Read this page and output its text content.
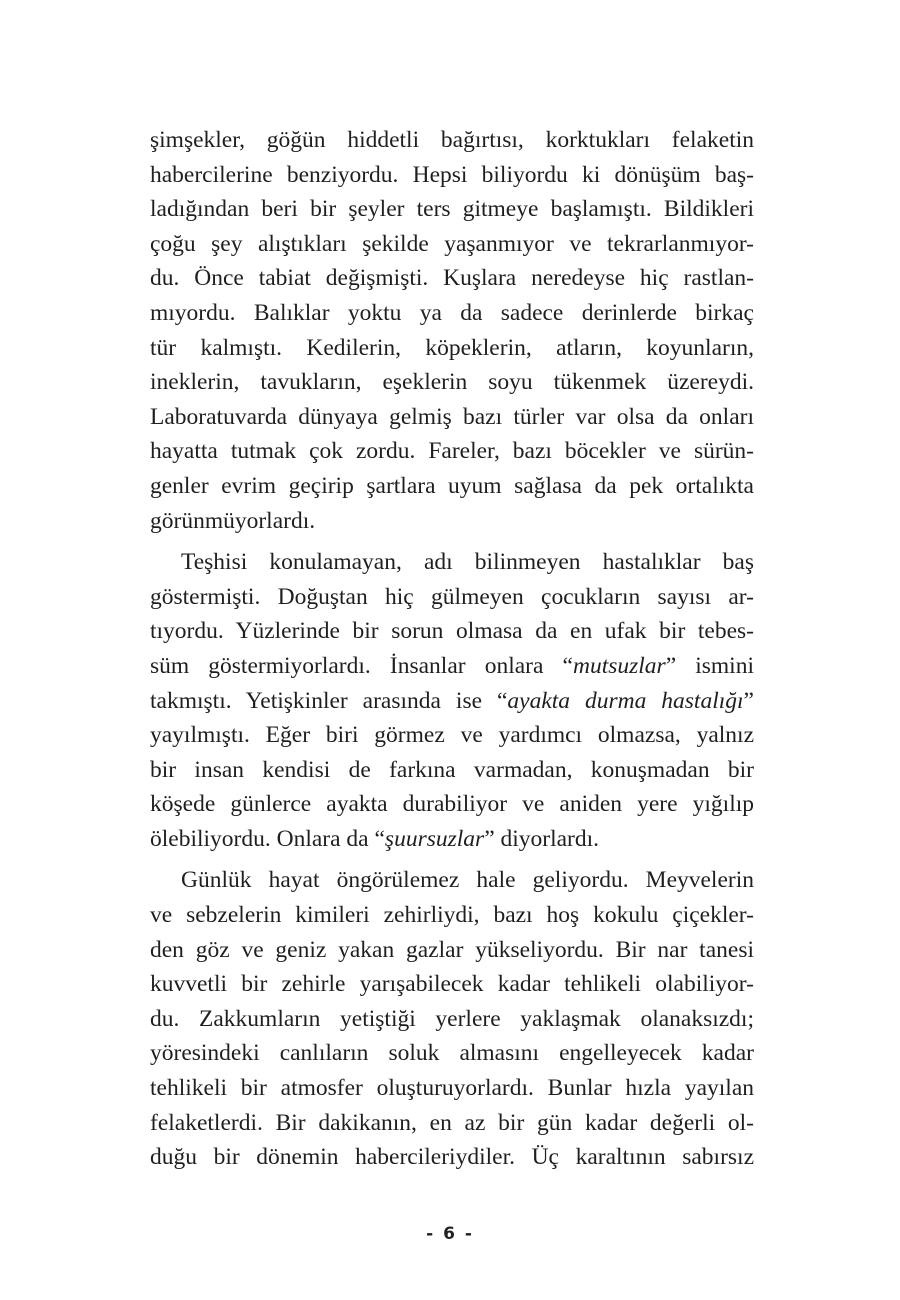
şimşekler, göğün hiddetli bağırtısı, korktukları felaketin
habercilerine benziyordu. Hepsi biliyordu ki dönüşüm baş-
ladığından beri bir şeyler ters gitmeye başlamıştı. Bildikleri
çoğu şey alıştıkları şekilde yaşanmıyor ve tekrarlanmıyor-
du. Önce tabiat değişmişti. Kuşlara neredeyse hiç rastlan-
mıyordu. Balıklar yoktu ya da sadece derinlerde birkaç
tür kalmıştı. Kedilerin, köpeklerin, atların, koyunların,
ineklerin, tavukların, eşeklerin soyu tükenmek üzereydi.
Laboratuvarda dünyaya gelmiş bazı türler var olsa da onları
hayatta tutmak çok zordu. Fareler, bazı böcekler ve sürün-
genler evrim geçirip şartlara uyum sağlasa da pek ortalıkta
görünmüyorlardı.
Teşhisi konulamayan, adı bilinmeyen hastalıklar baş
göstermişti. Doğuştan hiç gülmeyen çocukların sayısı ar-
tıyordu. Yüzlerinde bir sorun olmasa da en ufak bir tebes-
süm göstermiyorlardı. İnsanlar onlara “mutsuzlar” ismini
takmıştı. Yetişkinler arasında ise “ayakta durma hastalığı”
yayılmıştı. Eğer biri görmez ve yardımcı olmazsa, yalnız
bir insan kendisi de farkına varmadan, konuşmadan bir
köşede günlerce ayakta durabiliyor ve aniden yere yığılıp
ölebiliyordu. Onlara da “şuursuzlar” diyorlardı.
Günlük hayat öngörülemez hale geliyordu. Meyvelerin
ve sebzelerin kimileri zehirliydi, bazı hoş kokulu çiçekler-
den göz ve geniz yakan gazlar yükseliyordu. Bir nar tanesi
kuvvetli bir zehirle yarışabilecek kadar tehlikeli olabiliyor-
du. Zakkumların yetiştiği yerlere yaklaşmak olanaksızdı;
yöresindeki canlıların soluk almasını engelleyecek kadar
tehlikeli bir atmosfer oluşturuyorlardı. Bunlar hızla yayılan
felaketlerdi. Bir dakikanın, en az bir gün kadar değerli ol-
duğu bir dönemin habercileriydiler. Üç karaltının sabırsız
- 6 -
